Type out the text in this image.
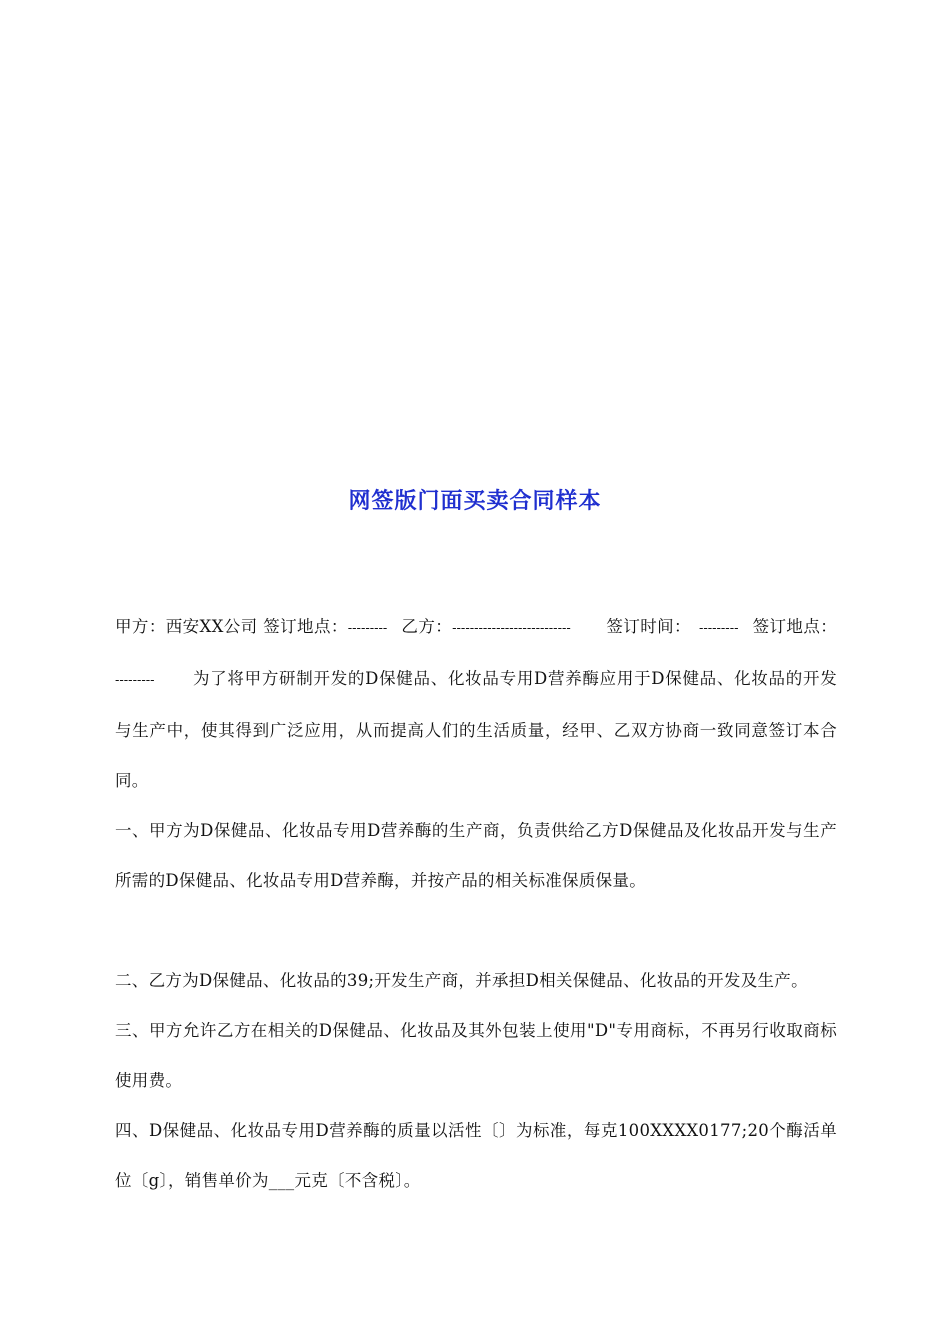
网签版门面买卖合同样本

甲方：西安XX公司 签订地点：--------- 乙方：--------------------------- 签订时间： --------- 签订地点：--------- 为了将甲方研制开发的D保健品、化妆品专用D营养酶应用于D保健品、化妆品的开发与生产中，使其得到广泛应用，从而提高人们的生活质量，经甲、乙双方协商一致同意签订本合同。

一、甲方为D保健品、化妆品专用D营养酶的生产商，负责供给乙方D保健品及化妆品开发与生产所需的D保健品、化妆品专用D营养酶，并按产品的相关标准保质保量。

二、乙方为D保健品、化妆品的39;开发生产商，并承担D相关保健品、化妆品的开发及生产。

三、甲方允许乙方在相关的D保健品、化妆品及其外包装上使用"D"专用商标，不再另行收取商标使用费。

四、D保健品、化妆品专用D营养酶的质量以活性〔〕为标准，每克100XXXX0177;20个酶活单位〔g〕，销售单价为___元克〔不含税〕。
